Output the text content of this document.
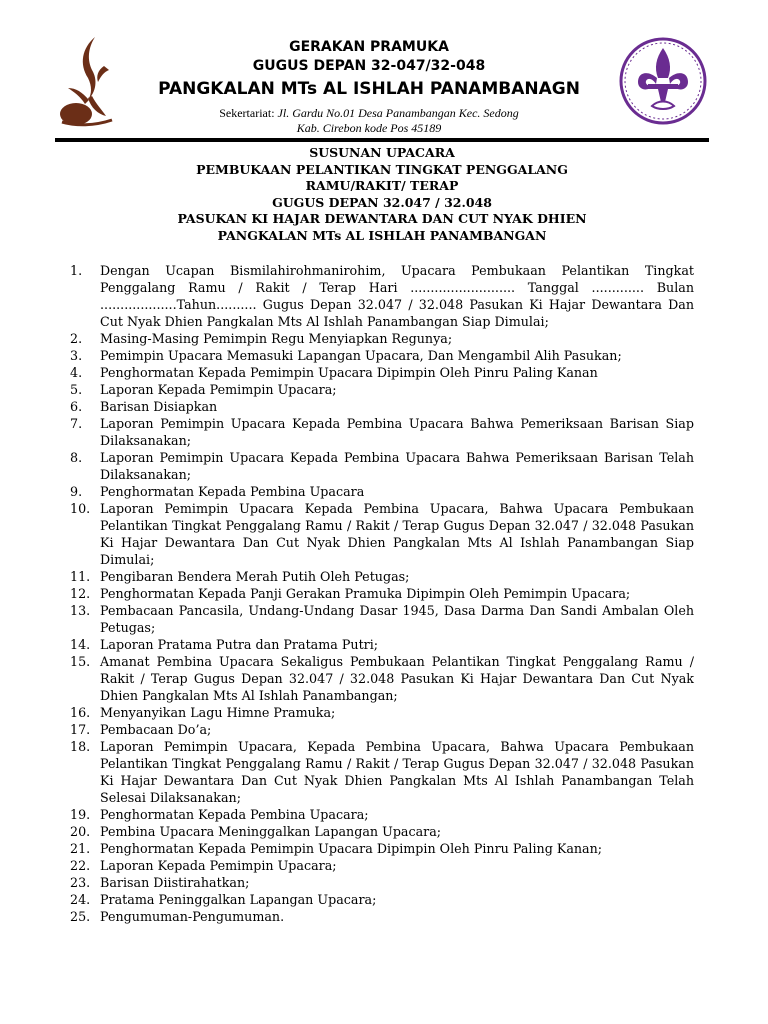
GERAKAN PRAMUKA
GUGUS DEPAN 32-047/32-048
PANGKALAN MTs AL ISHLAH PANAMBANAGN
Sekertariat: Jl. Gardu No.01 Desa Panambangan Kec. Sedong
Kab. Cirebon kode Pos 45189
SUSUNAN UPACARA
PEMBUKAAN PELANTIKAN TINGKAT PENGGALANG
RAMU/RAKIT/ TERAP
GUGUS DEPAN 32.047 / 32.048
PASUKAN KI HAJAR DEWANTARA DAN CUT NYAK DHIEN
PANGKALAN MTs AL ISHLAH PANAMBANGAN
1.	Dengan Ucapan Bismilahirohmanirohim, Upacara Pembukaan Pelantikan Tingkat Penggalang Ramu / Rakit / Terap Hari .......................... Tanggal ............. Bulan ...................Tahun.......... Gugus Depan 32.047 / 32.048 Pasukan Ki Hajar Dewantara Dan Cut Nyak Dhien Pangkalan Mts Al Ishlah Panambangan Siap Dimulai;
2.	Masing-Masing Pemimpin Regu Menyiapkan Regunya;
3.	Pemimpin Upacara Memasuki Lapangan Upacara, Dan Mengambil Alih Pasukan;
4.	Penghormatan Kepada Pemimpin Upacara Dipimpin Oleh Pinru Paling Kanan
5.	Laporan Kepada Pemimpin Upacara;
6.	Barisan Disiapkan
7.	Laporan Pemimpin Upacara Kepada Pembina Upacara Bahwa Pemeriksaan Barisan Siap Dilaksanakan;
8.	Laporan Pemimpin Upacara Kepada Pembina Upacara Bahwa Pemeriksaan Barisan Telah Dilaksanakan;
9.	Penghormatan Kepada Pembina Upacara
10. Laporan Pemimpin Upacara Kepada Pembina Upacara, Bahwa Upacara Pembukaan Pelantikan Tingkat Penggalang Ramu / Rakit / Terap Gugus Depan 32.047 / 32.048 Pasukan Ki Hajar Dewantara Dan Cut Nyak Dhien Pangkalan Mts Al Ishlah Panambangan Siap Dimulai;
11. Pengibaran Bendera Merah Putih Oleh Petugas;
12. Penghormatan Kepada Panji Gerakan Pramuka Dipimpin Oleh Pemimpin Upacara;
13. Pembacaan Pancasila, Undang-Undang Dasar 1945, Dasa Darma Dan Sandi Ambalan Oleh Petugas;
14. Laporan Pratama Putra dan Pratama Putri;
15. Amanat Pembina Upacara Sekaligus Pembukaan Pelantikan Tingkat Penggalang Ramu / Rakit / Terap Gugus Depan 32.047 / 32.048 Pasukan Ki Hajar Dewantara Dan Cut Nyak Dhien Pangkalan Mts Al Ishlah Panambangan;
16. Menyanyikan Lagu Himne Pramuka;
17. Pembacaan Do’a;
18. Laporan Pemimpin Upacara, Kepada Pembina Upacara, Bahwa Upacara Pembukaan Pelantikan Tingkat Penggalang Ramu / Rakit / Terap Gugus Depan 32.047 / 32.048 Pasukan Ki Hajar Dewantara Dan Cut Nyak Dhien Pangkalan Mts Al Ishlah Panambangan Telah Selesai Dilaksanakan;
19. Penghormatan Kepada Pembina Upacara;
20. Pembina Upacara Meninggalkan Lapangan Upacara;
21. Penghormatan Kepada Pemimpin Upacara Dipimpin Oleh Pinru Paling Kanan;
22. Laporan Kepada Pemimpin Upacara;
23. Barisan Diistirahatkan;
24. Pratama Peninggalkan Lapangan Upacara;
25. Pengumuman-Pengumuman.
